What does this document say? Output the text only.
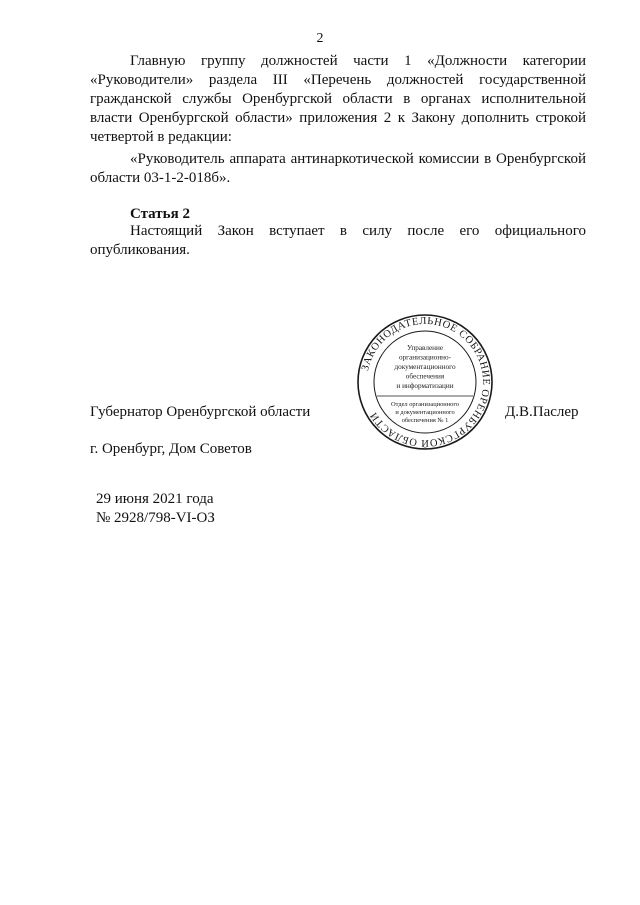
2
Главную группу должностей части 1 «Должности категории «Руководители» раздела III «Перечень должностей государственной гражданской службы Оренбургской области в органах исполнительной власти Оренбургской области» приложения 2 к Закону дополнить строкой четвертой в редакции:
«Руководитель аппарата антинаркотической комиссии в Оренбургской области 03-1-2-018б».
Статья 2
Настоящий Закон вступает в силу после его официального опубликования.
Губернатор Оренбургской области	Д.В.Паслер
г. Оренбург, Дом Советов
29 июня 2021 года
№ 2928/798-VI-ОЗ
ЗАКОНОДАТЕЛЬНОЕ СОБРАНИЕ ОРЕНБУРГСКОЙ ОБЛАСТИ
Управление
организационно-
документационного
обеспечения
и информатизации
Отдел организационного
и документационного
обеспечения № 1
